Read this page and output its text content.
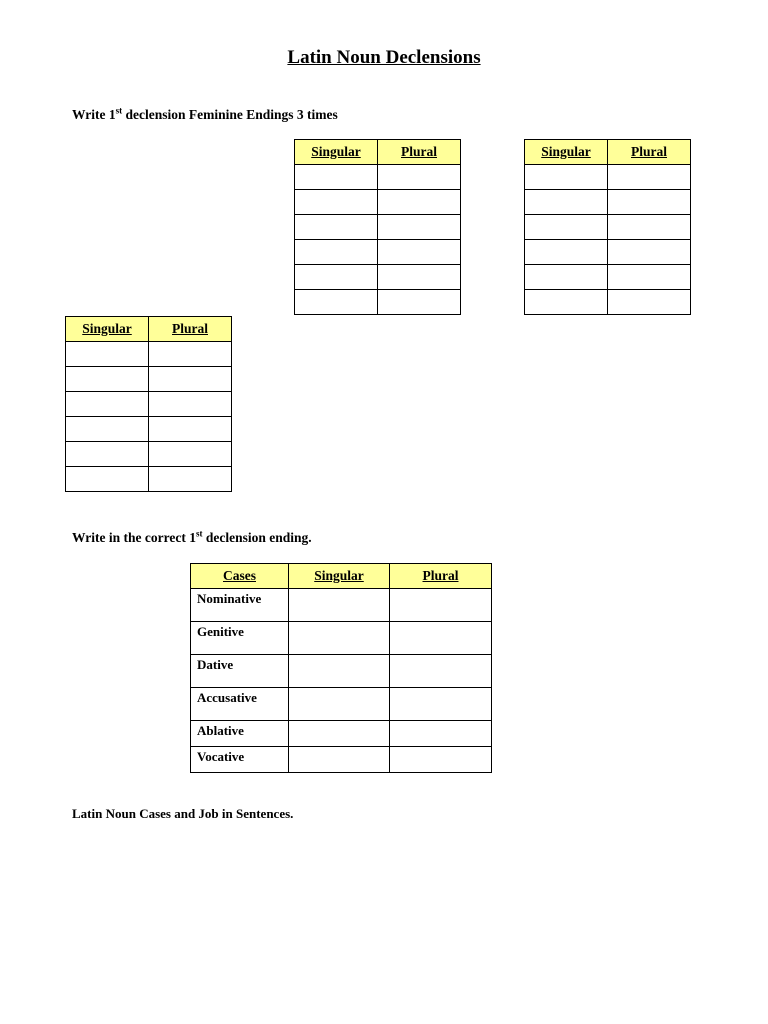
Latin Noun Declensions
Write 1st declension Feminine Endings 3 times
Singular	Plural

		Singular	Plural

Singular	Plural

Write in the correct 1st declension ending.
Cases	Singular	Plural
Nominative		
Genitive		
Dative		
Accusative		
Ablative		
Vocative		
Latin Noun Cases and Job in Sentences.
